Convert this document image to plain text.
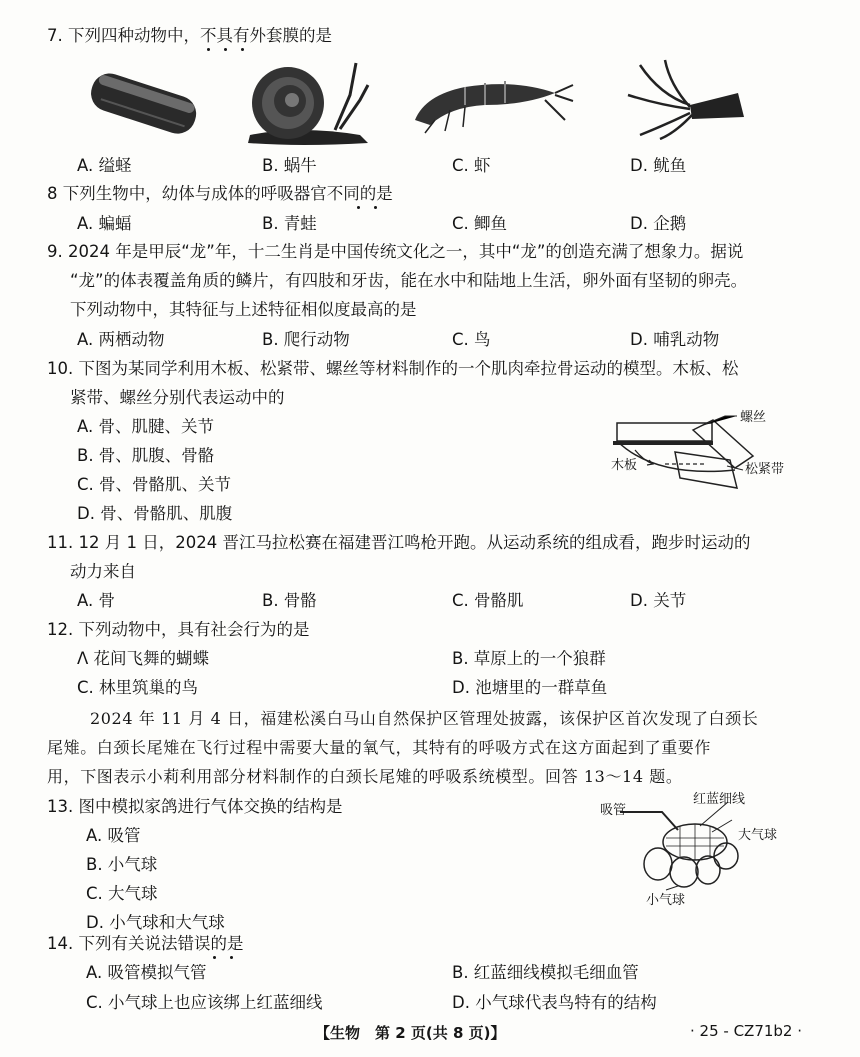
7. 下列四种动物中，不具有外套膜的是
A. 缢蛏	B. 蜗牛	C. 虾	D. 鱿鱼
8 下列生物中，幼体与成体的呼吸器官不同的是
A. 蝙蝠	B. 青蛙	C. 鲫鱼	D. 企鹅
9. 2024 年是甲辰“龙”年，十二生肖是中国传统文化之一，其中“龙”的创造充满了想象力。据说
“龙”的体表覆盖角质的鳞片，有四肢和牙齿，能在水中和陆地上生活，卵外面有坚韧的卵壳。
下列动物中，其特征与上述特征相似度最高的是
A. 两栖动物	B. 爬行动物	C. 鸟	D. 哺乳动物
10. 下图为某同学利用木板、松紧带、螺丝等材料制作的一个肌肉牵拉骨运动的模型。木板、松
紧带、螺丝分别代表运动中的
A. 骨、肌腱、关节
B. 骨、肌腹、骨骼
C. 骨、骨骼肌、关节
D. 骨、骨骼肌、肌腹
螺丝
木板	松紧带
11. 12 月 1 日，2024 晋江马拉松赛在福建晋江鸣枪开跑。从运动系统的组成看，跑步时运动的
动力来自
A. 骨	B. 骨骼	C. 骨骼肌	D. 关节
12. 下列动物中，具有社会行为的是
Λ 花间飞舞的蝴蝶	B. 草原上的一个狼群
C. 林里筑巢的鸟	D. 池塘里的一群草鱼
2024 年 11 月 4 日，福建松溪白马山自然保护区管理处披露，该保护区首次发现了白颈长
尾雉。白颈长尾雉在飞行过程中需要大量的氧气，其特有的呼吸方式在这方面起到了重要作
用，下图表示小莉利用部分材料制作的白颈长尾雉的呼吸系统模型。回答 13～14 题。
13. 图中模拟家鸽进行气体交换的结构是
A. 吸管
B. 小气球
C. 大气球
D. 小气球和大气球
吸管
红蓝细线
大气球
小气球
14. 下列有关说法错误的是
A. 吸管模拟气管	B. 红蓝细线模拟毛细血管
C. 小气球上也应该绑上红蓝细线	D. 小气球代表鸟特有的结构
【生物　第 2 页(共 8 页)】	· 25 - CZ71b2 ·
